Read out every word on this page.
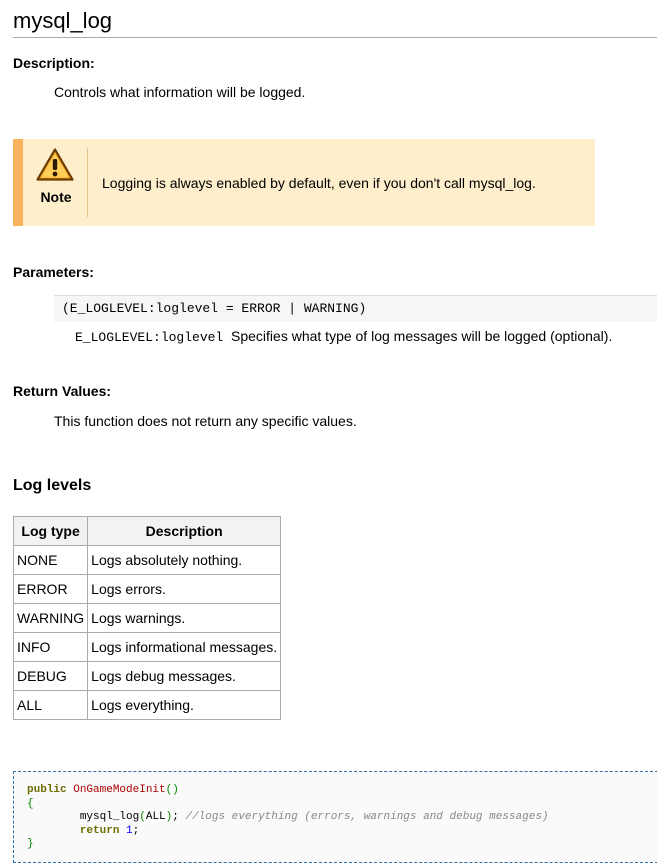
mysql_log
Description:
Controls what information will be logged.
Note
Logging is always enabled by default, even if you don't call mysql_log.
Parameters:
(E_LOGLEVEL:loglevel = ERROR | WARNING)
E_LOGLEVEL:loglevel Specifies what type of log messages will be logged (optional).
Return Values:
This function does not return any specific values.
Log levels
Log type	Description
NONE	Logs absolutely nothing.
ERROR	Logs errors.
WARNING	Logs warnings.
INFO	Logs informational messages.
DEBUG	Logs debug messages.
ALL	Logs everything.
public OnGameModeInit()
{
mysql_log(ALL); //logs everything (errors, warnings and debug messages)
return 1;
}
